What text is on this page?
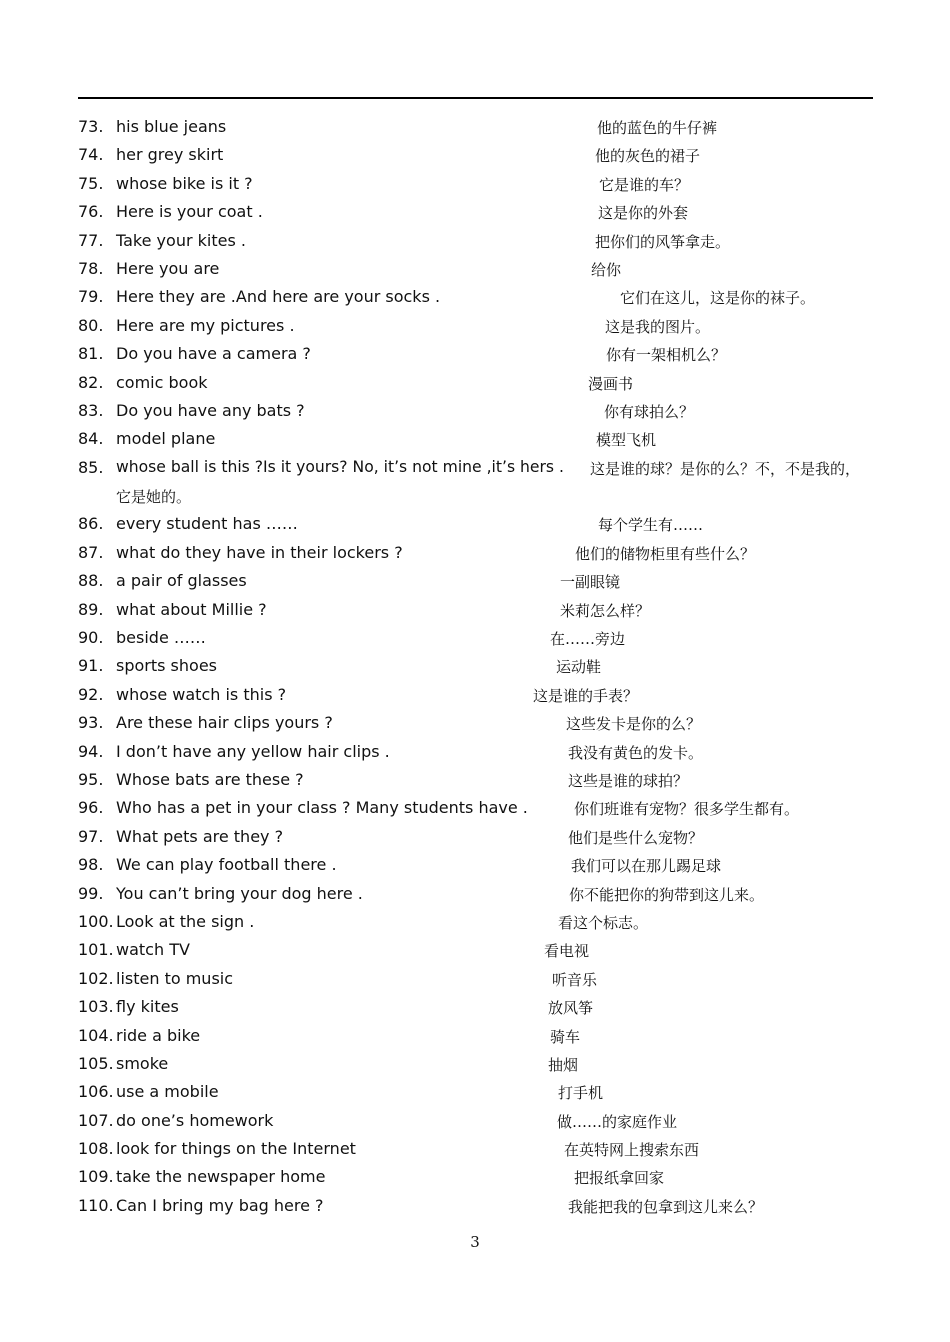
73. his blue jeans	他的蓝色的牛仔裤
74. her grey skirt	他的灰色的裙子
75. whose bike is it ?	它是谁的车？
76. Here is your coat .	这是你的外套
77. Take your kites .	把你们的风筝拿走。
78. Here you are	给你
79. Here they are .And here are your socks .	它们在这儿，这是你的袜子。
80. Here are my pictures .	这是我的图片。
81. Do you have a camera ?	你有一架相机么？
82. comic book	漫画书
83. Do you have any bats ?	你有球拍么？
84. model plane	模型飞机
85. whose ball is this ?Is it yours? No, it’s not mine ,it’s hers . 这是谁的球？是你的么？不，不是我的，
它是她的。
86. every student has ……	每个学生有……
87. what do they have in their lockers ?	他们的储物柜里有些什么？
88. a pair of glasses	一副眼镜
89. what about Millie ?	米莉怎么样？
90. beside ……	在……旁边
91. sports shoes	运动鞋
92. whose watch is this ?	这是谁的手表？
93. Are these hair clips yours ?	这些发卡是你的么？
94. I don’t have any yellow hair clips .	我没有黄色的发卡。
95. Whose bats are these ?	这些是谁的球拍？
96. Who has a pet in your class ? Many students have .	你们班谁有宠物？很多学生都有。
97. What pets are they ?	他们是些什么宠物？
98. We can play football there .	我们可以在那儿踢足球
99. You can’t bring your dog here .	你不能把你的狗带到这儿来。
100. Look at the sign .	看这个标志。
101. watch TV	看电视
102. listen to music	听音乐
103. fly kites	放风筝
104. ride a bike	骑车
105. smoke	抽烟
106. use a mobile	打手机
107. do one’s homework	做……的家庭作业
108. look for things on the Internet	在英特网上搜索东西
109. take the newspaper home	把报纸拿回家
110. Can I bring my bag here ?	我能把我的包拿到这儿来么？
3
